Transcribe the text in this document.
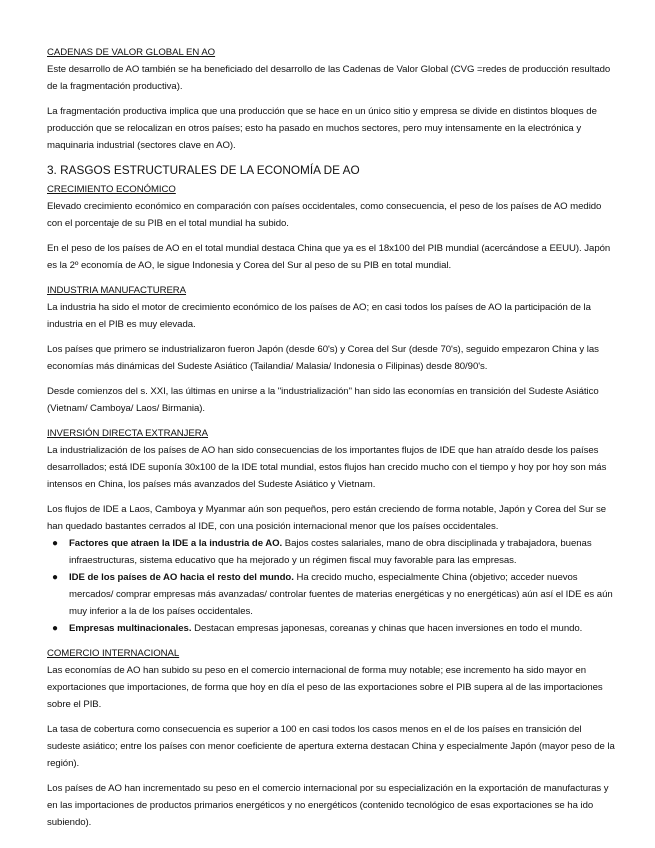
CADENAS DE VALOR GLOBAL EN AO

Este desarrollo de AO también se ha beneficiado del desarrollo de las Cadenas de Valor Global (CVG =redes de producción resultado de la fragmentación productiva).

La fragmentación productiva implica que una producción que se hace en un único sitio y empresa se divide en distintos bloques de producción que se relocalizan en otros países; esto ha pasado en muchos sectores, pero muy intensamente en la electrónica y maquinaria industrial (sectores clave en AO).

3. RASGOS ESTRUCTURALES DE LA ECONOMÍA DE AO
CRECIMIENTO ECONÓMICO

Elevado crecimiento económico en comparación con países occidentales, como consecuencia, el peso de los países de AO medido con el porcentaje de su PIB en el total mundial ha subido.

En el peso de los países de AO en el total mundial destaca China que ya es el 18x100 del PIB mundial (acercándose a EEUU). Japón es la 2º economía de AO, le sigue Indonesia y Corea del Sur al peso de su PIB en total mundial.

INDUSTRIA MANUFACTURERA

La industria ha sido el motor de crecimiento económico de los países de AO; en casi todos los países de AO la participación de la industria en el PIB es muy elevada.

Los países que primero se industrializaron fueron Japón (desde 60's) y Corea del Sur (desde 70's), seguido empezaron China y las economías más dinámicas del Sudeste Asiático (Tailandia/ Malasia/ Indonesia o Filipinas) desde 80/90's.

Desde comienzos del s. XXI, las últimas en unirse a la "industrialización" han sido las economías en transición del Sudeste Asiático (Vietnam/ Camboya/ Laos/ Birmania).

INVERSIÓN DIRECTA EXTRANJERA

La industrialización de los países de AO han sido consecuencias de los importantes flujos de IDE que han atraído desde los países desarrollados; está IDE suponía 30x100 de la IDE total mundial, estos flujos han crecido mucho con el tiempo y hoy por hoy son más intensos en China, los países más avanzados del Sudeste Asiático y Vietnam.

Los flujos de IDE a Laos, Camboya y Myanmar aún son pequeños, pero están creciendo de forma notable, Japón y Corea del Sur se han quedado bastantes cerrados al IDE, con una posición internacional menor que los países occidentales.

● Factores que atraen la IDE a la industria de AO. Bajos costes salariales, mano de obra disciplinada y trabajadora, buenas infraestructuras, sistema educativo que ha mejorado y un régimen fiscal muy favorable para las empresas.
● IDE de los países de AO hacia el resto del mundo. Ha crecido mucho, especialmente China (objetivo; acceder nuevos mercados/ comprar empresas más avanzadas/ controlar fuentes de materias energéticas y no energéticas) aún así el IDE es aún muy inferior a la de los países occidentales.
● Empresas multinacionales. Destacan empresas japonesas, coreanas y chinas que hacen inversiones en todo el mundo.
COMERCIO INTERNACIONAL

Las economías de AO han subido su peso en el comercio internacional de forma muy notable; ese incremento ha sido mayor en exportaciones que importaciones, de forma que hoy en día el peso de las exportaciones sobre el PIB supera al de las importaciones sobre el PIB.

La tasa de cobertura como consecuencia es superior a 100 en casi todos los casos menos en el de los países en transición del sudeste asiático; entre los países con menor coeficiente de apertura externa destacan China y especialmente Japón (mayor peso de la región).

Los países de AO han incrementado su peso en el comercio internacional por su especialización en la exportación de manufacturas y en las importaciones de productos primarios energéticos y no energéticos (contenido tecnológico de esas exportaciones se ha ido subiendo).
